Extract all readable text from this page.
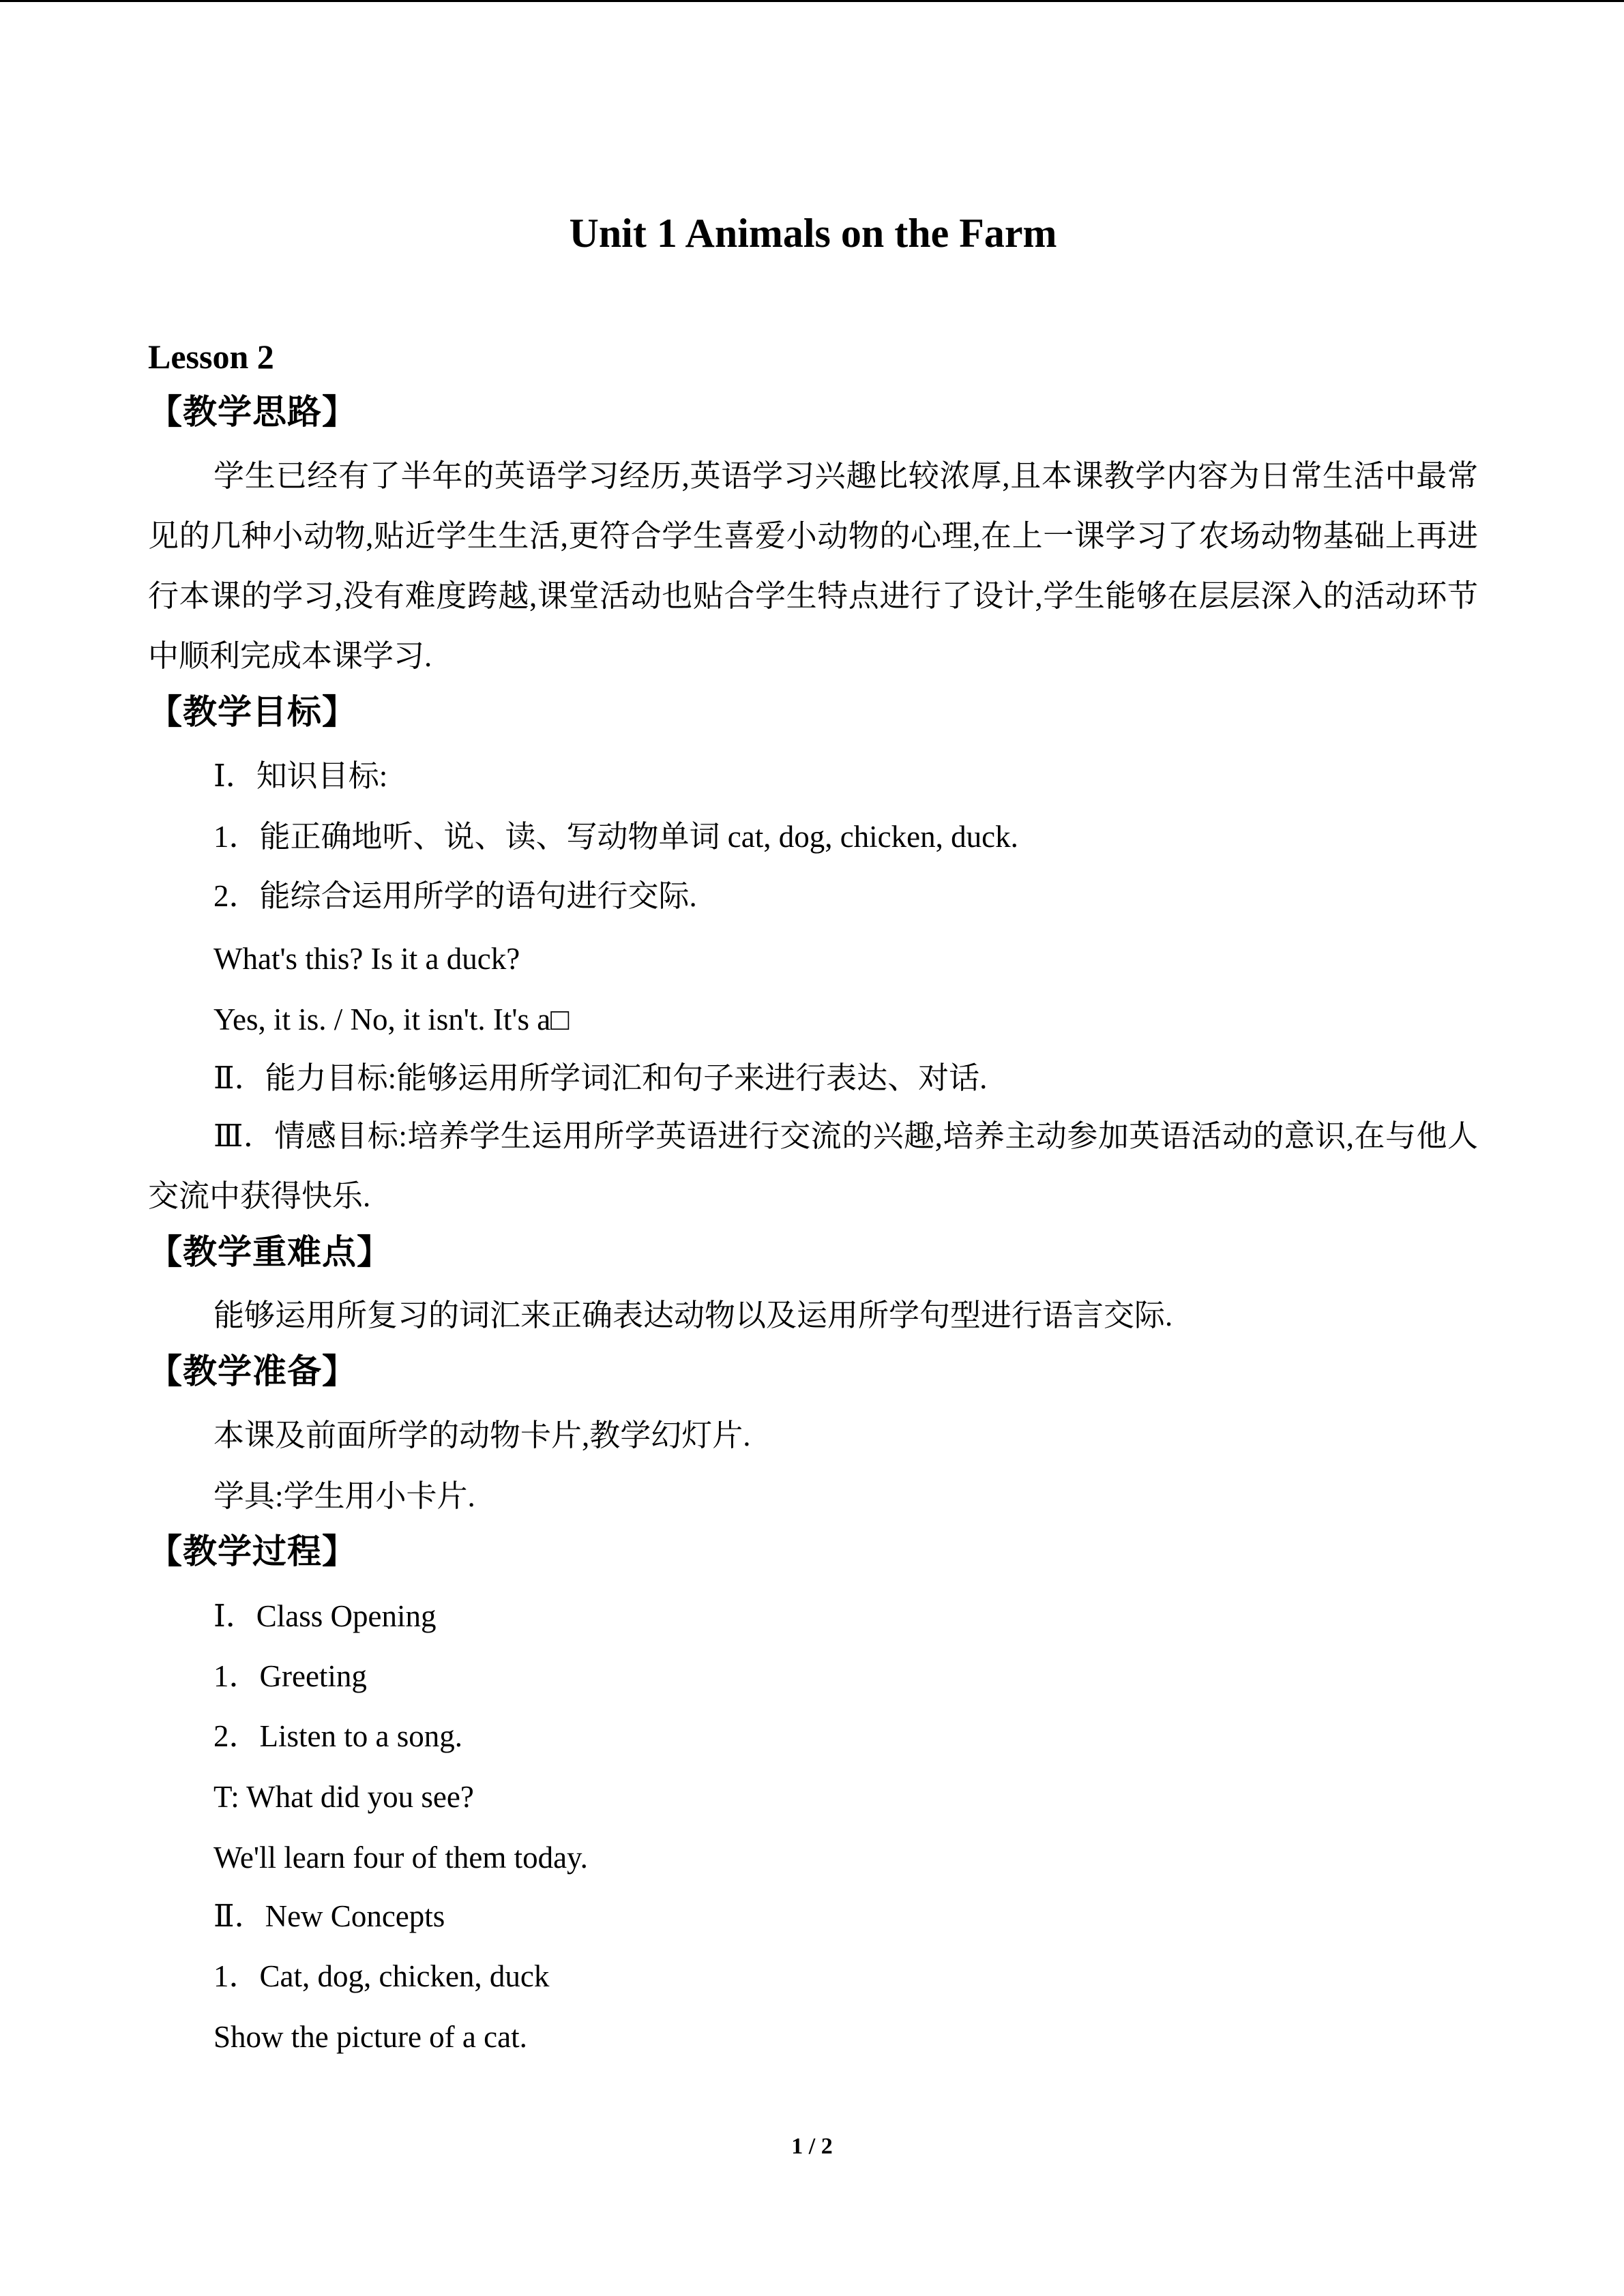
Unit 1 Animals on the Farm
Lesson 2
【教学思路】
学生已经有了半年的英语学习经历,英语学习兴趣比较浓厚,且本课教学内容为日常生活中最常见的几种小动物,贴近学生生活,更符合学生喜爱小动物的心理,在上一课学习了农场动物基础上再进行本课的学习,没有难度跨越,课堂活动也贴合学生特点进行了设计,学生能够在层层深入的活动环节中顺利完成本课学习.
【教学目标】
Ⅰ．知识目标:
1．能正确地听、说、读、写动物单词 cat, dog, chicken, duck.
2．能综合运用所学的语句进行交际.
What's this? Is it a duck?
Yes, it is. / No, it isn't. It's a□
Ⅱ．能力目标:能够运用所学词汇和句子来进行表达、对话.
Ⅲ．情感目标:培养学生运用所学英语进行交流的兴趣,培养主动参加英语活动的意识,在与他人交流中获得快乐.
【教学重难点】
能够运用所复习的词汇来正确表达动物以及运用所学句型进行语言交际.
【教学准备】
本课及前面所学的动物卡片,教学幻灯片.
学具:学生用小卡片.
【教学过程】
Ⅰ．Class Opening
1．Greeting
2．Listen to a song.
T: What did you see?
We'll learn four of them today.
Ⅱ．New Concepts
1．Cat, dog, chicken, duck
Show the picture of a cat.
1 / 2
